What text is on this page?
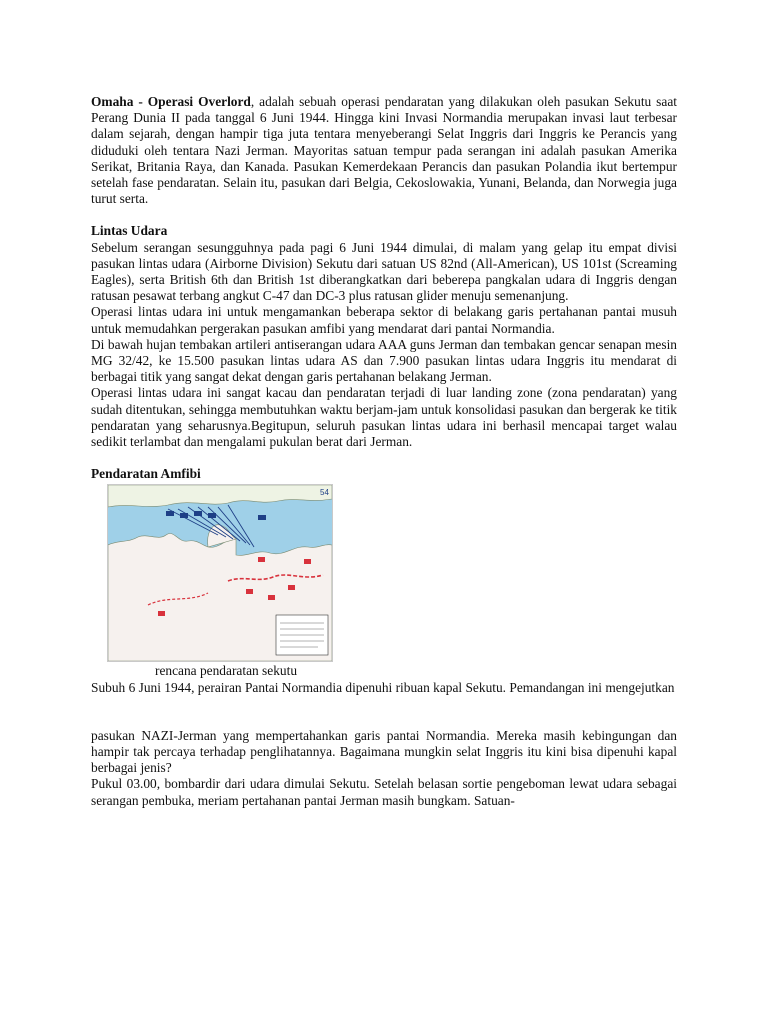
Omaha - Operasi Overlord, adalah sebuah operasi pendaratan yang dilakukan oleh pasukan Sekutu saat Perang Dunia II pada tanggal 6 Juni 1944. Hingga kini Invasi Normandia merupakan invasi laut terbesar dalam sejarah, dengan hampir tiga juta tentara menyeberangi Selat Inggris dari Inggris ke Perancis yang diduduki oleh tentara Nazi Jerman. Mayoritas satuan tempur pada serangan ini adalah pasukan Amerika Serikat, Britania Raya, dan Kanada. Pasukan Kemerdekaan Perancis dan pasukan Polandia ikut bertempur setelah fase pendaratan. Selain itu, pasukan dari Belgia, Cekoslowakia, Yunani, Belanda, dan Norwegia juga turut serta.

Lintas Udara

Sebelum serangan sesungguhnya pada pagi 6 Juni 1944 dimulai, di malam yang gelap itu empat divisi pasukan lintas udara (Airborne Division) Sekutu dari satuan US 82nd (All-American), US 101st (Screaming Eagles), serta British 6th dan British 1st diberangkatkan dari beberepa pangkalan udara di Inggris dengan ratusan pesawat terbang angkut C-47 dan DC-3 plus ratusan glider menuju semenanjung.

Operasi lintas udara ini untuk mengamankan beberapa sektor di belakang garis pertahanan pantai musuh untuk memudahkan pergerakan pasukan amfibi yang mendarat dari pantai Normandia.

Di bawah hujan tembakan artileri antiserangan udara AAA guns Jerman dan tembakan gencar senapan mesin MG 32/42, ke 15.500 pasukan lintas udara AS dan 7.900 pasukan lintas udara Inggris itu mendarat di berbagai titik yang sangat dekat dengan garis pertahanan belakang Jerman.

Operasi lintas udara ini sangat kacau dan pendaratan terjadi di luar landing zone (zona pendaratan) yang sudah ditentukan, sehingga membutuhkan waktu berjam-jam untuk konsolidasi pasukan dan bergerak ke titik pendaratan yang seharusnya.Begitupun, seluruh pasukan lintas udara ini berhasil mencapai target walau sedikit terlambat dan mengalami pukulan berat dari Jerman.

Pendaratan Amfibi
54
rencana pendaratan sekutu

Subuh 6 Juni 1944, perairan Pantai Normandia dipenuhi ribuan kapal Sekutu. Pemandangan ini mengejutkan

pasukan NAZI-Jerman yang mempertahankan garis pantai Normandia. Mereka masih kebingungan dan hampir tak percaya terhadap penglihatannya. Bagaimana mungkin selat Inggris itu kini bisa dipenuhi kapal berbagai jenis?

Pukul 03.00, bombardir dari udara dimulai Sekutu. Setelah belasan sortie pengeboman lewat udara sebagai serangan pembuka, meriam pertahanan pantai Jerman masih bungkam. Satuan-
